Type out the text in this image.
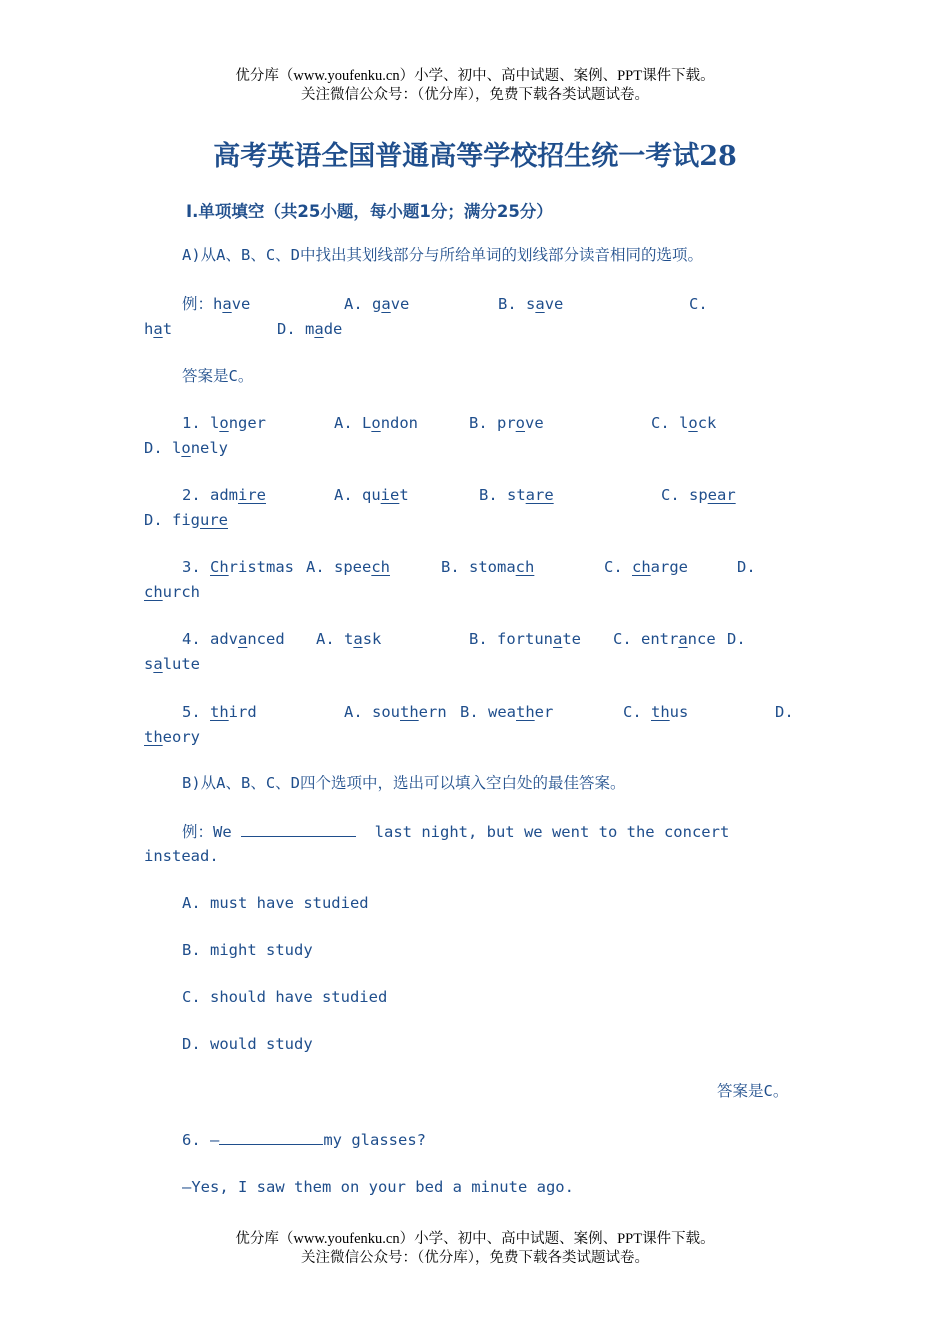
优分库（www.youfenku.cn）小学、初中、高中试题、案例、PPT课件下载。
关注微信公众号：（优分库），免费下载各类试题试卷。
高考英语全国普通高等学校招生统一考试28
Ⅰ.单项填空（共25小题，每小题1分；满分25分）
A)从A、B、C、D中找出其划线部分与所给单词的划线部分读音相同的选项。
例：have	A. gave	B. save	C.
hat	D. made
答案是C。
1. longer	A. London	B. prove	C. lock
D. lonely
2. admire	A. quiet	B. stare	C. spear
D. figure
3. Christmas A. speech	B. stomach	C. charge	D.
church
4. advanced A. task	B. fortunate C. entrance D.
salute
5. third	A. southern B. weather	C. thus	D.
theory
B)从A、B、C、D四个选项中，选出可以填入空白处的最佳答案。
例：We	last night, but we went to the concert
instead.
A. must have studied
B. might study
C. should have studied
D. would study
答案是C。
6. —	my glasses?
—Yes, I saw them on your bed a minute ago.
优分库（www.youfenku.cn）小学、初中、高中试题、案例、PPT课件下载。
关注微信公众号：（优分库），免费下载各类试题试卷。
